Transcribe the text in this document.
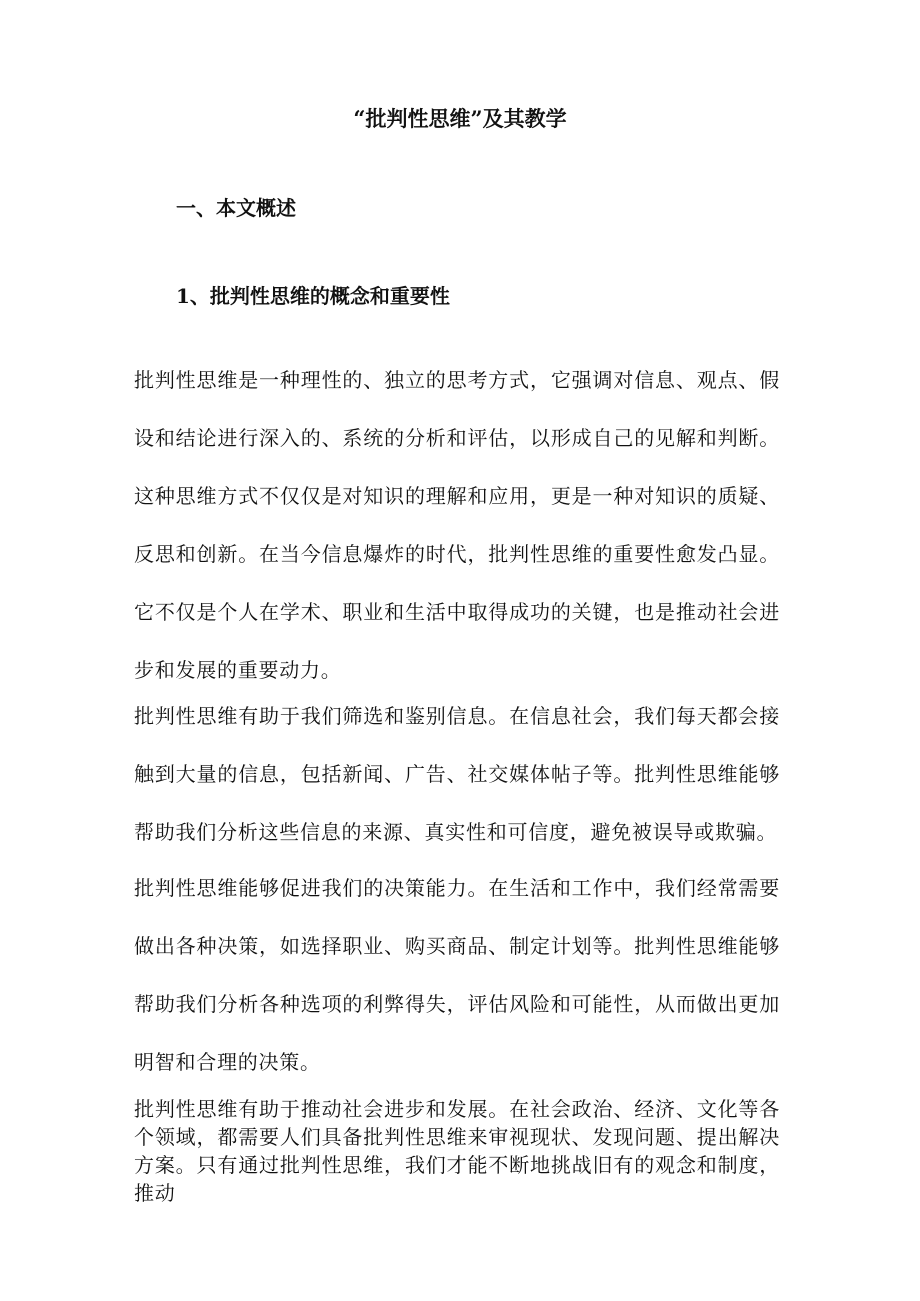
“批判性思维”及其教学
一、本文概述
1、批判性思维的概念和重要性

批判性思维是一种理性的、独立的思考方式，它强调对信息、观点、假设和结论进行深入的、系统的分析和评估，以形成自己的见解和判断。这种思维方式不仅仅是对知识的理解和应用，更是一种对知识的质疑、反思和创新。在当今信息爆炸的时代，批判性思维的重要性愈发凸显。它不仅是个人在学术、职业和生活中取得成功的关键，也是推动社会进步和发展的重要动力。

批判性思维有助于我们筛选和鉴别信息。在信息社会，我们每天都会接触到大量的信息，包括新闻、广告、社交媒体帖子等。批判性思维能够帮助我们分析这些信息的来源、真实性和可信度，避免被误导或欺骗。

批判性思维能够促进我们的决策能力。在生活和工作中，我们经常需要做出各种决策，如选择职业、购买商品、制定计划等。批判性思维能够帮助我们分析各种选项的利弊得失，评估风险和可能性，从而做出更加明智和合理的决策。

批判性思维有助于推动社会进步和发展。在社会政治、经济、文化等各个领域，都需要人们具备批判性思维来审视现状、发现问题、提出解决方案。只有通过批判性思维，我们才能不断地挑战旧有的观念和制度，推动
